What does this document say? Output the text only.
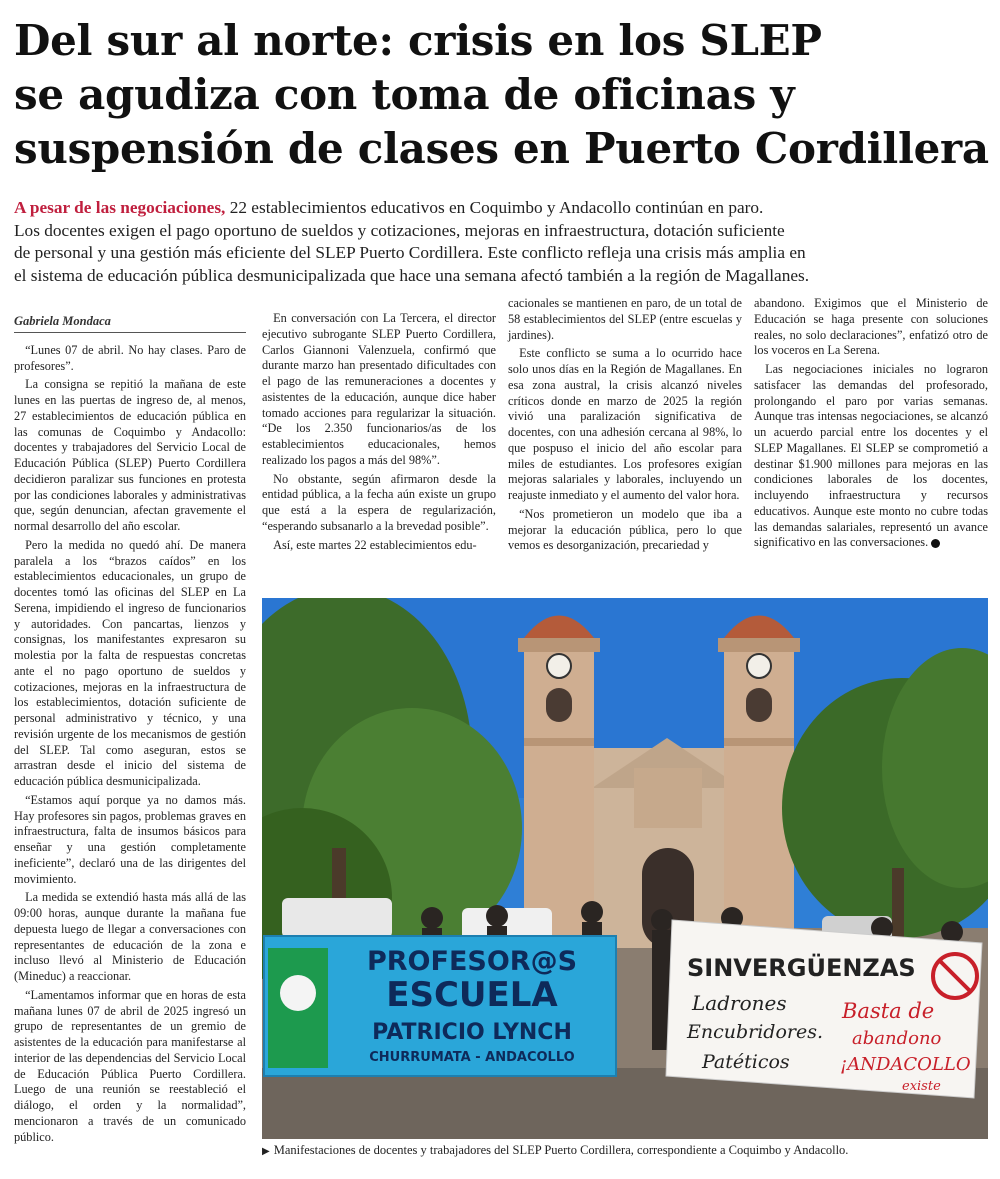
Del sur al norte: crisis en los SLEP
se agudiza con toma de oficinas y
suspensión de clases en Puerto Cordillera
A pesar de las negociaciones, 22 establecimientos educativos en Coquimbo y Andacollo continúan en paro.
Los docentes exigen el pago oportuno de sueldos y cotizaciones, mejoras en infraestructura, dotación suficiente
de personal y una gestión más eficiente del SLEP Puerto Cordillera. Este conflicto refleja una crisis más amplia en
el sistema de educación pública desmunicipalizada que hace una semana afectó también a la región de Magallanes.
Gabriela Mondaca

“Lunes 07 de abril. No hay clases. Paro de profesores”.

La consigna se repitió la mañana de este lunes en las puertas de ingreso de, al menos, 27 establecimientos de educación pública en las comunas de Coquimbo y Andacollo: docentes y trabajadores del Servicio Local de Educación Pública (SLEP) Puerto Cordillera decidieron paralizar sus funciones en protesta por las condiciones laborales y administrativas que, según denuncian, afectan gravemente el normal desarrollo del año escolar.

Pero la medida no quedó ahí. De manera paralela a los “brazos caídos” en los establecimientos educacionales, un grupo de docentes tomó las oficinas del SLEP en La Serena, impidiendo el ingreso de funcionarios y autoridades. Con pancartas, lienzos y consignas, los manifestantes expresaron su molestia por la falta de respuestas concretas ante el no pago oportuno de sueldos y cotizaciones, mejoras en la infraestructura de los establecimientos, dotación suficiente de personal administrativo y técnico, y una revisión urgente de los mecanismos de gestión del SLEP. Tal como aseguran, estos se arrastran desde el inicio del sistema de educación pública desmunicipalizada.

“Estamos aquí porque ya no damos más. Hay profesores sin pagos, problemas graves en infraestructura, falta de insumos básicos para enseñar y una gestión completamente ineficiente”, declaró una de las dirigentes del movimiento.

La medida se extendió hasta más allá de las 09:00 horas, aunque durante la mañana fue depuesta luego de llegar a conversaciones con representantes de educación de la zona e incluso llevó al Ministerio de Educación (Mineduc) a reaccionar.

“Lamentamos informar que en horas de esta mañana lunes 07 de abril de 2025 ingresó un grupo de representantes de un gremio de asistentes de la educación para manifestarse al interior de las dependencias del Servicio Local de Educación Pública Puerto Cordillera. Luego de una reunión se reestableció el diálogo, el orden y la normalidad”, mencionaron a través de un comunicado público.

En conversación con La Tercera, el director ejecutivo subrogante SLEP Puerto Cordillera, Carlos Giannoni Valenzuela, confirmó que durante marzo han presentado dificultades con el pago de las remuneraciones a docentes y asistentes de la educación, aunque dice haber tomado acciones para regularizar la situación. “De los 2.350 funcionarios/as de los establecimientos educacionales, hemos realizado los pagos a más del 98%”.

No obstante, según afirmaron desde la entidad pública, a la fecha aún existe un grupo que está a la espera de regularización, “esperando subsanarlo a la brevedad posible”.

Así, este martes 22 establecimientos edu-

cacionales se mantienen en paro, de un total de 58 establecimientos del SLEP (entre escuelas y jardines).

Este conflicto se suma a lo ocurrido hace solo unos días en la Región de Magallanes. En esa zona austral, la crisis alcanzó niveles críticos donde en marzo de 2025 la región vivió una paralización significativa de docentes, con una adhesión cercana al 98%, lo que pospuso el inicio del año escolar para miles de estudiantes. Los profesores exigían mejoras salariales y laborales, incluyendo un reajuste inmediato y el aumento del valor hora.

“Nos prometieron un modelo que iba a mejorar la educación pública, pero lo que vemos es desorganización, precariedad y

abandono. Exigimos que el Ministerio de Educación se haga presente con soluciones reales, no solo declaraciones”, enfatizó otro de los voceros en La Serena.

Las negociaciones iniciales no lograron satisfacer las demandas del profesorado, prolongando el paro por varias semanas. Aunque tras intensas negociaciones, se alcanzó un acuerdo parcial entre los docentes y el SLEP Magallanes. El SLEP se comprometió a destinar $1.900 millones para mejoras en las condiciones laborales de los docentes, incluyendo infraestructura y recursos educativos. Aunque este monto no cubre todas las demandas salariales, representó un avance significativo en las conversaciones.

PROFESOR@S
ESCUELA
PATRICIO LYNCH
CHURRUMATA - ANDACOLLO
SINVERGÜENZAS
Ladrones
Encubridores.
Patéticos
Basta de
abandono
¡ANDACOLLO
existe
▶ Manifestaciones de docentes y trabajadores del SLEP Puerto Cordillera, correspondiente a Coquimbo y Andacollo.
